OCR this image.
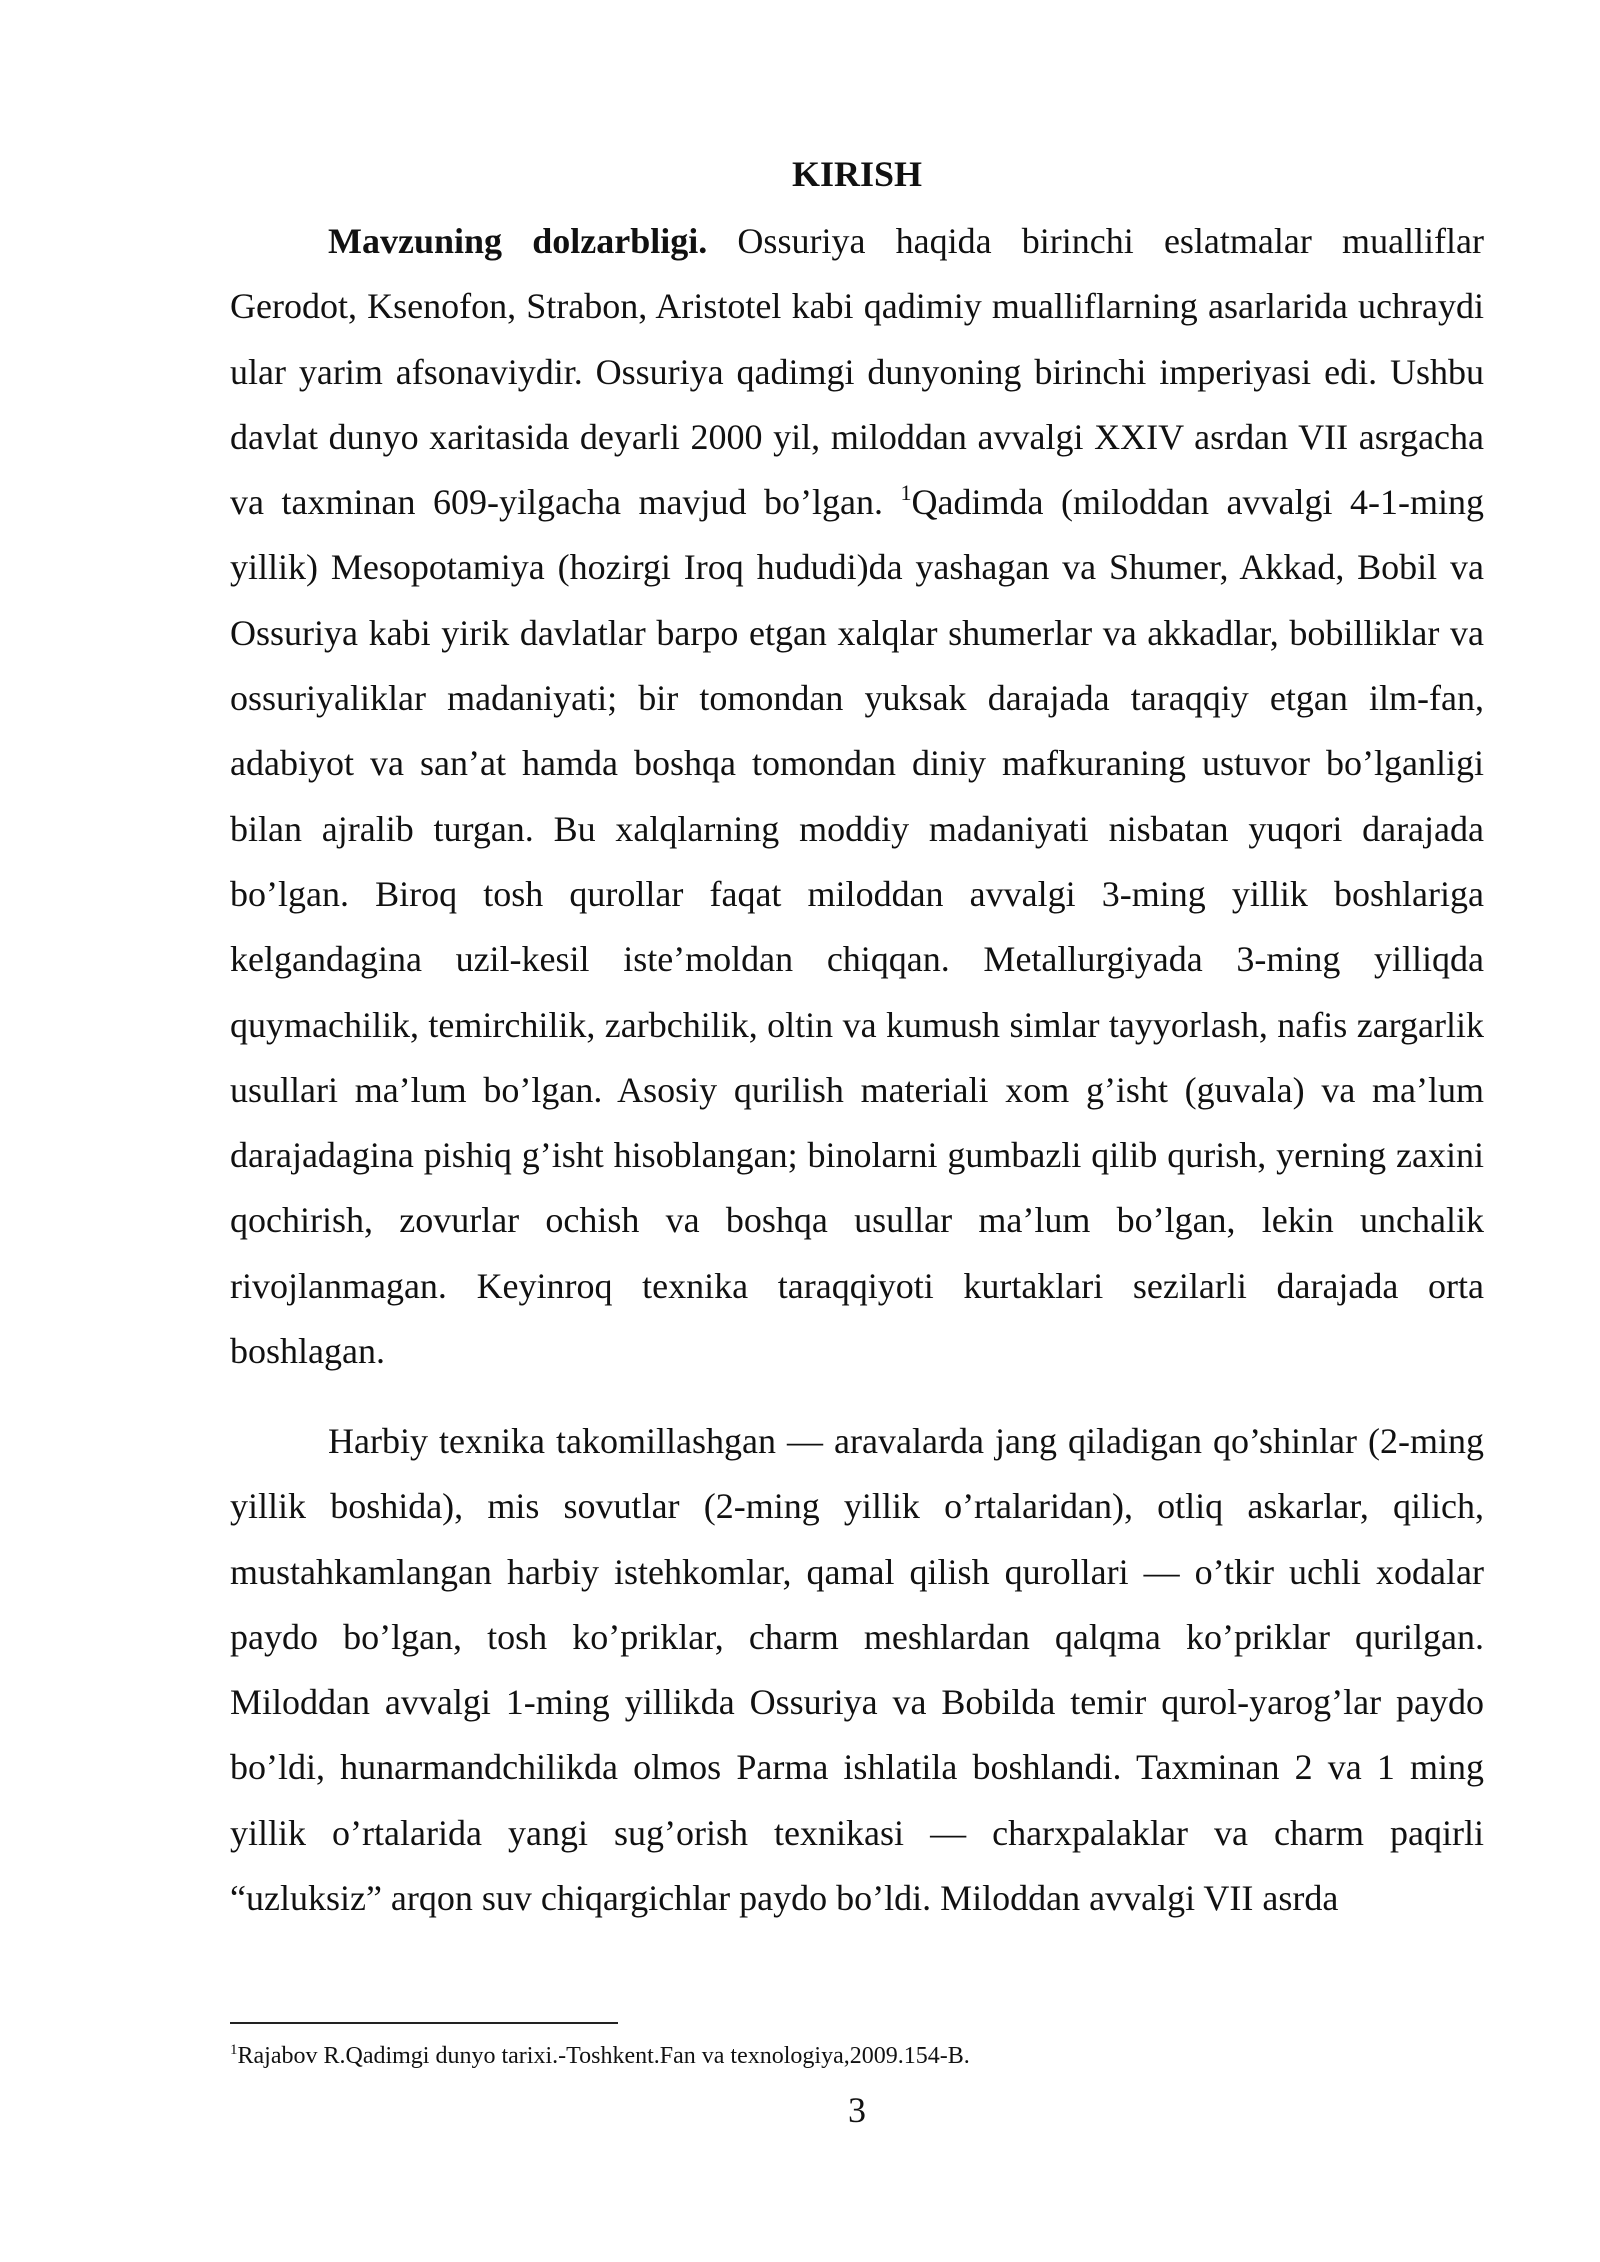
KIRISH

Mavzuning dolzarbligi. Ossuriya haqida birinchi eslatmalar mualliflar Gerodot, Ksenofon, Strabon, Aristotel kabi qadimiy mualliflarning asarlarida uchraydi ular yarim afsonaviydir. Ossuriya qadimgi dunyoning birinchi imperiyasi edi. Ushbu davlat dunyo xaritasida deyarli 2000 yil, miloddan avvalgi XXIV asrdan VII asrgacha va taxminan 609-yilgacha mavjud bo’lgan. $^1$Qadimda (miloddan avvalgi 4-1-ming yillik) Mesopotamiya (hozirgi Iroq hududi)da yashagan va Shumer, Akkad, Bobil va Ossuriya kabi yirik davlatlar barpo etgan xalqlar shumerlar va akkadlar, bobilliklar va ossuriyaliklar madaniyati; bir tomondan yuksak darajada taraqqiy etgan ilm-fan, adabiyot va san’at hamda boshqa tomondan diniy mafkuraning ustuvor bo’lganligi bilan ajralib turgan. Bu xalqlarning moddiy madaniyati nisbatan yuqori darajada bo’lgan. Biroq tosh qurollar faqat miloddan avvalgi 3-ming yillik boshlariga kelgandagina uzil-kesil iste’moldan chiqqan. Metallurgiyada 3-ming yilliqda quymachilik, temirchilik, zarbchilik, oltin va kumush simlar tayyorlash, nafis zargarlik usullari ma’lum bo’lgan. Asosiy qurilish materiali xom g’isht (guvala) va ma’lum darajadagina pishiq g’isht hisoblangan; binolarni gumbazli qilib qurish, yerning zaxini qochirish, zovurlar ochish va boshqa usullar ma’lum bo’lgan, lekin unchalik rivojlanmagan. Keyinroq texnika taraqqiyoti kurtaklari sezilarli darajada orta boshlagan.

Harbiy texnika takomillashgan — aravalarda jang qiladigan qo’shinlar (2-ming yillik boshida), mis sovutlar (2-ming yillik o’rtalaridan), otliq askarlar, qilich, mustahkamlangan harbiy istehkomlar, qamal qilish qurollari — o’tkir uchli xodalar paydo bo’lgan, tosh ko’priklar, charm meshlardan qalqma ko’priklar qurilgan. Miloddan avvalgi 1-ming yillikda Ossuriya va Bobilda temir qurol-yarog’lar paydo bo’ldi, hunarmandchilikda olmos Parma ishlatila boshlandi. Taxminan 2 va 1 ming yillik o’rtalarida yangi sug’orish texnikasi — charxpalaklar va charm paqirli “uzluksiz” arqon suv chiqargichlar paydo bo’ldi. Miloddan avvalgi VII asrda

$^1$Rajabov R.Qadimgi dunyo tarixi.-Toshkent.Fan va texnologiya,2009.154-B.

3
